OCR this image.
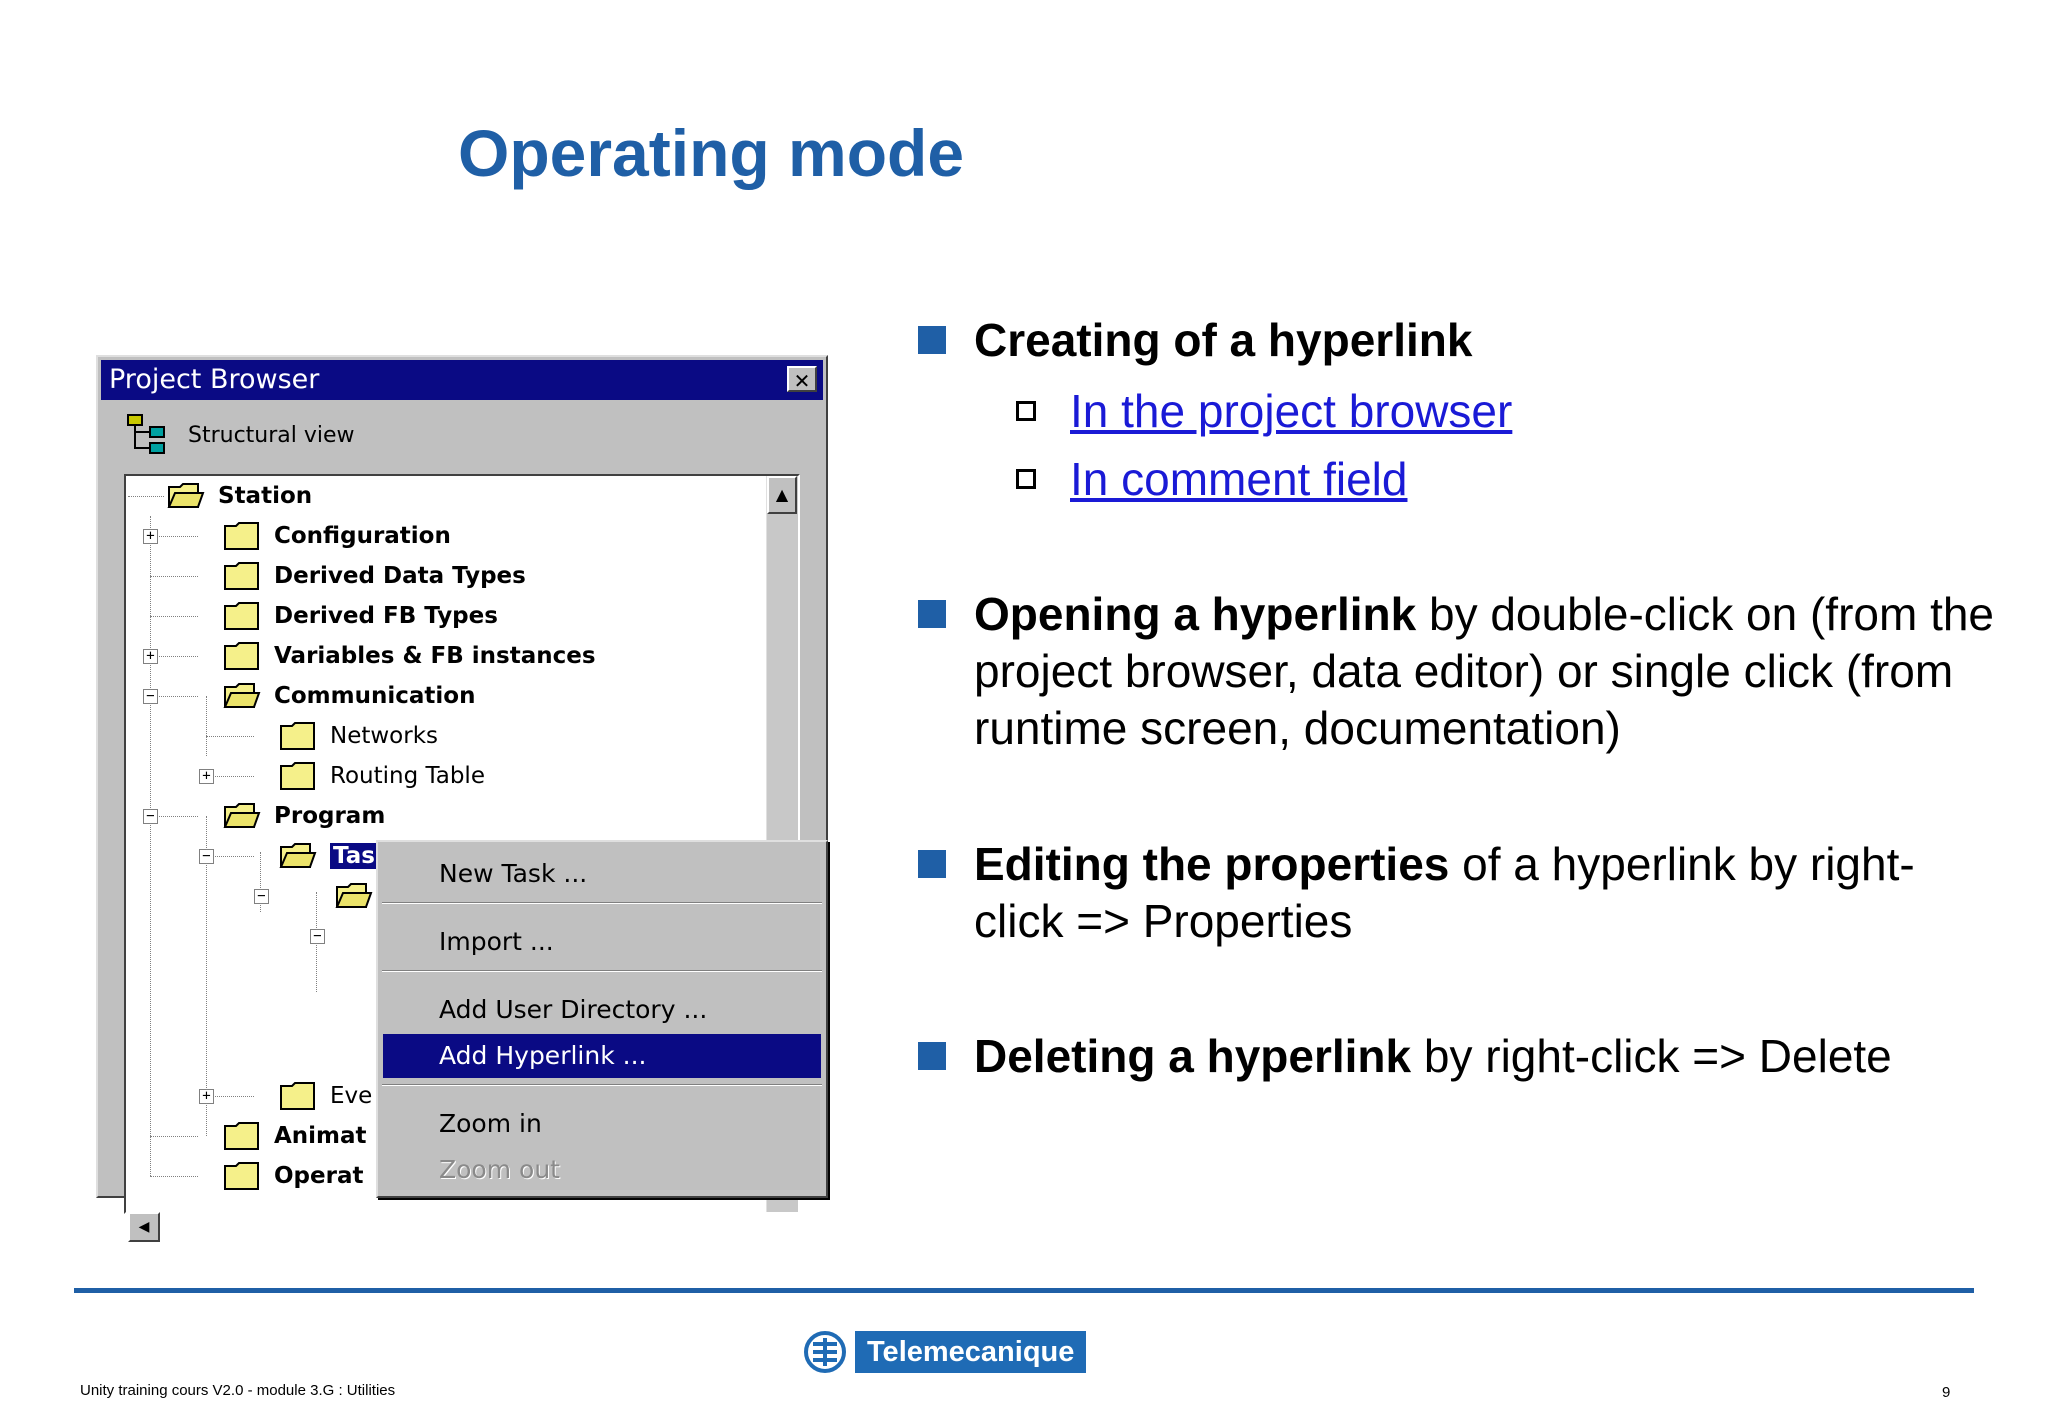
Operating mode
Project Browser	✕
Structural view
+
+
−
+
−
−
−
−
+
Station
Configuration
Derived Data Types
Derived FB Types
Variables & FB instances
Communication
Networks
Routing Table
Program
Tas
Eve
Animat
Operat
▲
◀
New Task ...
Import ...
Add User Directory ...
Add Hyperlink ...
Zoom in
Zoom out
Creating of a hyperlink
In the project browser
In comment field
Opening a hyperlink by double-click on (from the project browser, data editor) or single click (from runtime screen, documentation)
Editing the properties of a hyperlink by right-click => Properties
Deleting a hyperlink by right-click => Delete
Telemecanique
Unity training cours V2.0 - module 3.G : Utilities	9
